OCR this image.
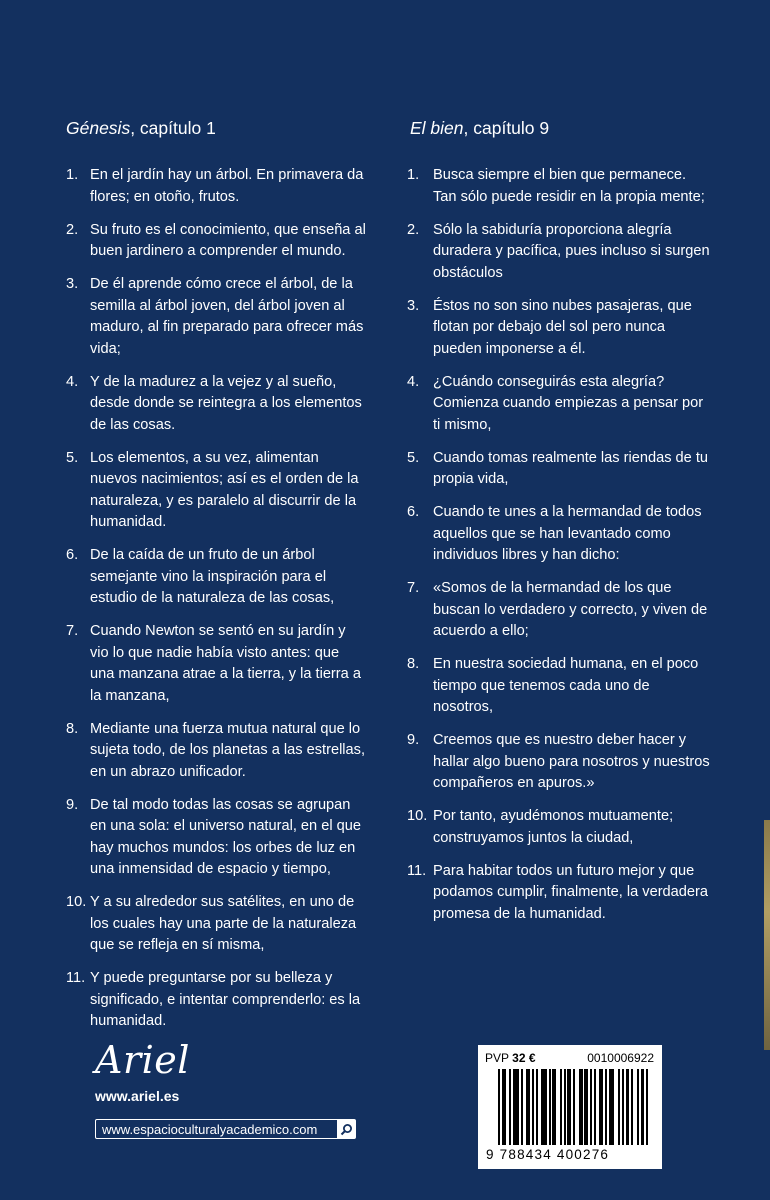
Génesis, capítulo 1
1. En el jardín hay un árbol. En primavera da flores; en otoño, frutos.
2. Su fruto es el conocimiento, que enseña al buen jardinero a comprender el mundo.
3. De él aprende cómo crece el árbol, de la semilla al árbol joven, del árbol joven al maduro, al fin preparado para ofrecer más vida;
4. Y de la madurez a la vejez y al sueño, desde donde se reintegra a los elementos de las cosas.
5. Los elementos, a su vez, alimentan nuevos nacimientos; así es el orden de la naturaleza, y es paralelo al discurrir de la humanidad.
6. De la caída de un fruto de un árbol semejante vino la inspiración para el estudio de la naturaleza de las cosas,
7. Cuando Newton se sentó en su jardín y vio lo que nadie había visto antes: que una manzana atrae a la tierra, y la tierra a la manzana,
8. Mediante una fuerza mutua natural que lo sujeta todo, de los planetas a las estrellas, en un abrazo unificador.
9. De tal modo todas las cosas se agrupan en una sola: el universo natural, en el que hay muchos mundos: los orbes de luz en una inmensidad de espacio y tiempo,
10. Y a su alrededor sus satélites, en uno de los cuales hay una parte de la naturaleza que se refleja en sí misma,
11. Y puede preguntarse por su belleza y significado, e intentar comprenderlo: es la humanidad.
El bien, capítulo 9
1. Busca siempre el bien que permanece. Tan sólo puede residir en la propia mente;
2. Sólo la sabiduría proporciona alegría duradera y pacífica, pues incluso si surgen obstáculos
3. Éstos no son sino nubes pasajeras, que flotan por debajo del sol pero nunca pueden imponerse a él.
4. ¿Cuándo conseguirás esta alegría? Comienza cuando empiezas a pensar por ti mismo,
5. Cuando tomas realmente las riendas de tu propia vida,
6. Cuando te unes a la hermandad de todos aquellos que se han levantado como individuos libres y han dicho:
7. «Somos de la hermandad de los que buscan lo verdadero y correcto, y viven de acuerdo a ello;
8. En nuestra sociedad humana, en el poco tiempo que tenemos cada uno de nosotros,
9. Creemos que es nuestro deber hacer y hallar algo bueno para nosotros y nuestros compañeros en apuros.»
10. Por tanto, ayudémonos mutuamente; construyamos juntos la ciudad,
11. Para habitar todos un futuro mejor y que podamos cumplir, finalmente, la verdadera promesa de la humanidad.
Ariel
www.ariel.es
www.espacioculturalyacademico.com
PVP 32 €	0010006922
9 788434 400276
